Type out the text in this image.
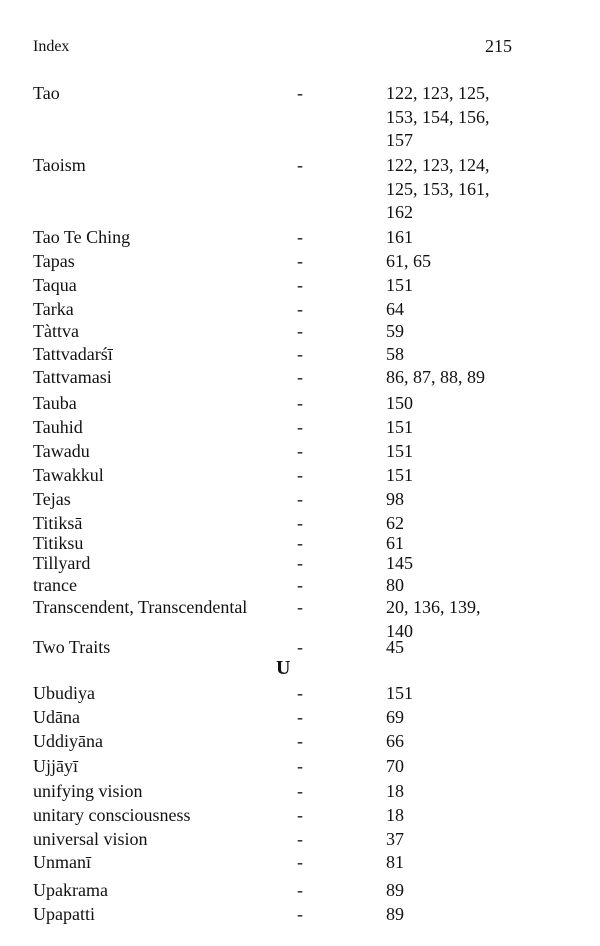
Index	215
U
Tao	-	122, 123, 125,
153, 154, 156,
157
Taoism	-	122, 123, 124,
125, 153, 161,
162
Tao Te Ching	-	161
Tapas	-	61, 65
Taqua	-	151
Tarka	-	64
Tàttva	-	59
Tattvadarśī	-	58
Tattvamasi	-	86, 87, 88, 89
Tauba	-	150
Tauhid	-	151
Tawadu	-	151
Tawakkul	-	151
Tejas	-	98
Titiksā	-	62
Titiksu	-	61
Tillyard	-	145
trance	-	80
Transcendent, Transcendental	-	20, 136, 139,
140
Two Traits	-	45
Ubudiya	-	151
Udāna	-	69
Uddiyāna	-	66
Ujjāyī	-	70
unifying vision	-	18
unitary consciousness	-	18
universal vision	-	37
Unmanī	-	81
Upakrama	-	89
Upapatti	-	89
